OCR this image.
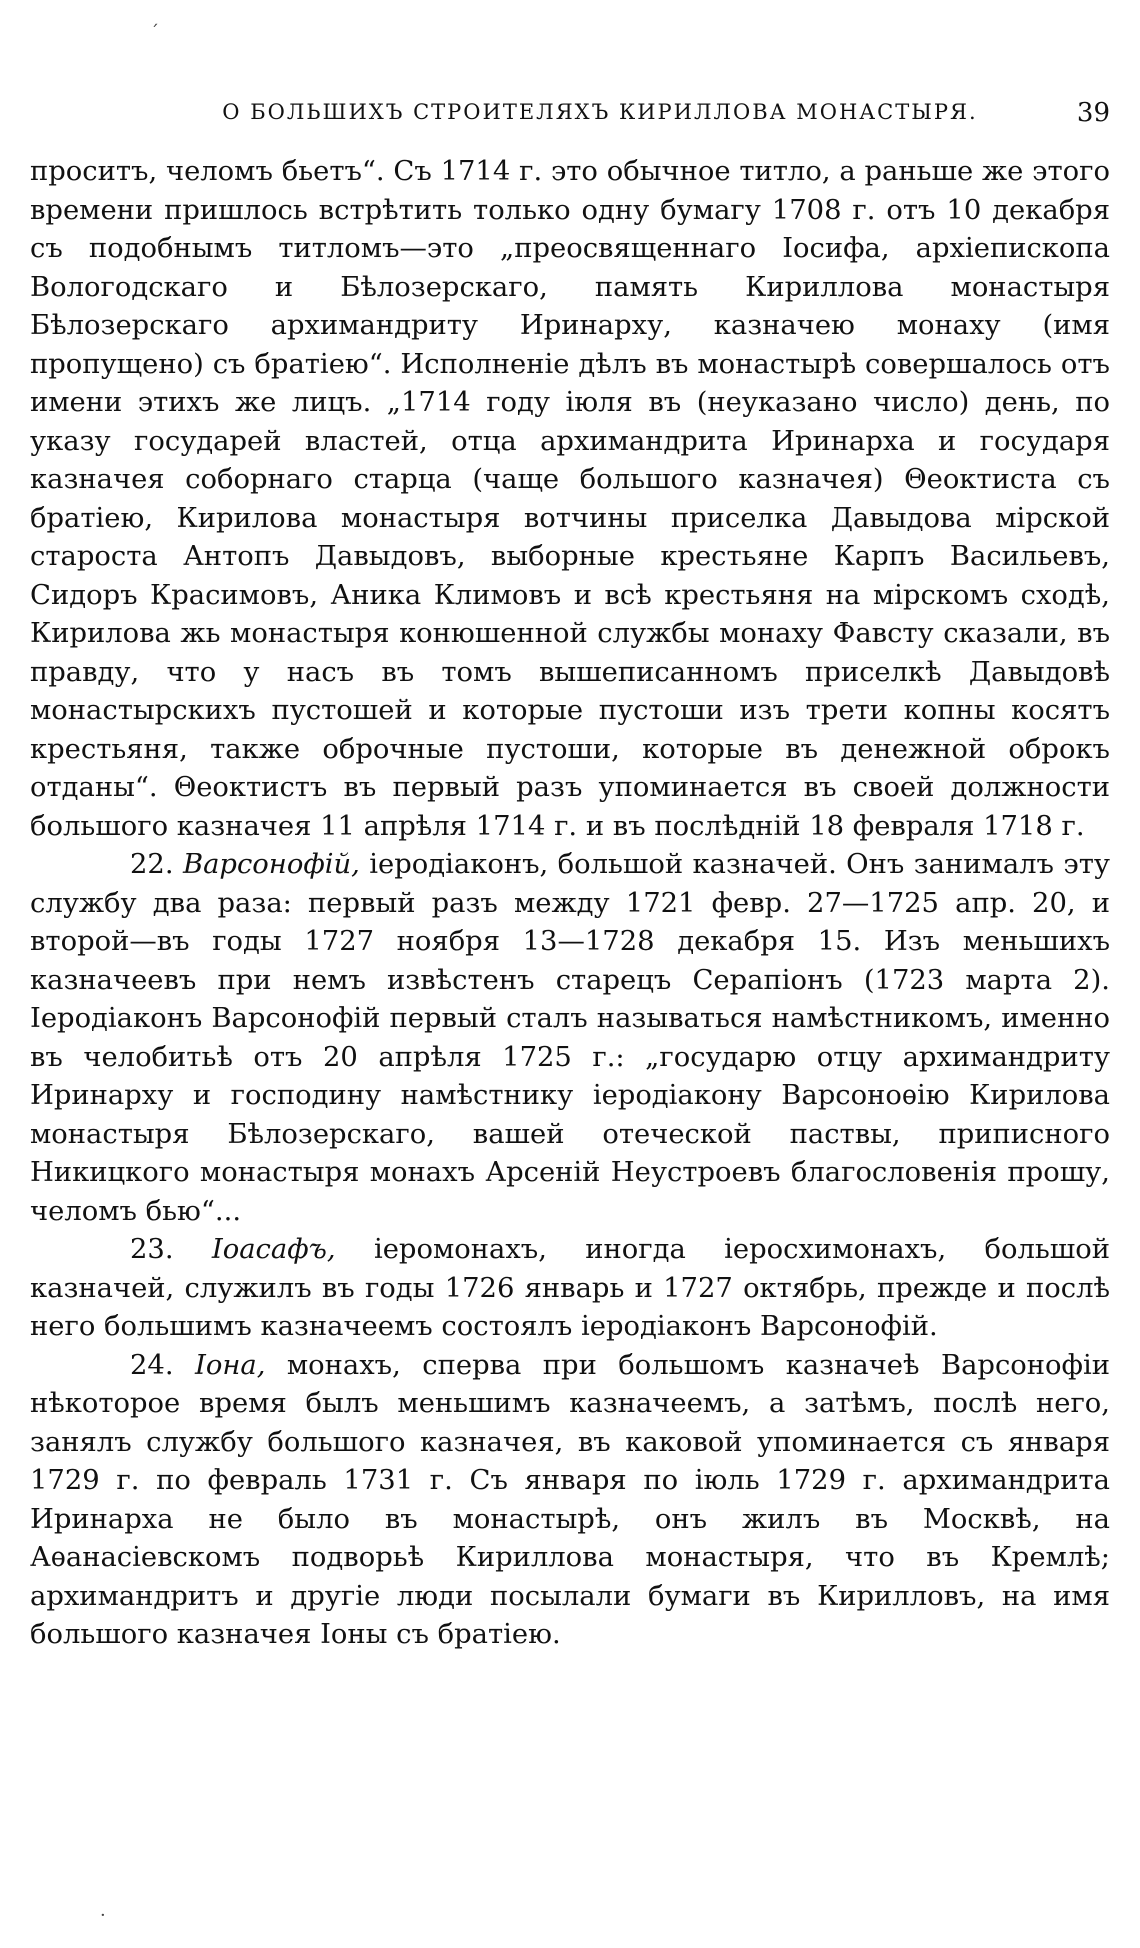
ˊ
О БОЛЬШИХЪ СТРОИТЕЛЯХЪ КИРИЛЛОВА МОНАСТЫРЯ.	39

проситъ, челомъ бьетъ“. Съ 1714 г. это обычное титло, а раньше же этого времени пришлось встрѣтить только одну бумагу 1708 г. отъ 10 декабря съ подобнымъ титломъ—это „преосвященнаго Іосифа, архіепископа Вологодскаго и Бѣлозерскаго, память Кириллова монастыря Бѣлозерскаго архимандриту Иринарху, казначею монаху (имя пропущено) съ братіею“. Исполненіе дѣлъ въ монастырѣ совершалось отъ имени этихъ же лицъ. „1714 году іюля въ (неуказано число) день, по указу государей властей, отца архимандрита Иринарха и государя казначея соборнаго старца (чаще большого казначея) Θеоктиста съ братіею, Кирилова монастыря вотчины приселка Давыдова мірской староста Антопъ Давыдовъ, выборные крестьяне Карпъ Васильевъ, Сидоръ Красимовъ, Аника Климовъ и всѣ крестьяня на мірскомъ сходѣ, Кирилова жь монастыря конюшенной службы монаху Фавсту сказали, въ правду, что у насъ въ томъ вышеписанномъ приселкѣ Давыдовѣ монастырскихъ пустошей и которые пустоши изъ трети копны косятъ крестьяня, также оброчные пустоши, которые въ денежной оброкъ отданы“. Θеоктистъ въ первый разъ упоминается въ своей должности большого казначея 11 апрѣля 1714 г. и въ послѣдній 18 февраля 1718 г.

22. Варсонофій, іеродіаконъ, большой казначей. Онъ занималъ эту службу два раза: первый разъ между 1721 февр. 27—1725 апр. 20, и второй—въ годы 1727 ноября 13—1728 декабря 15. Изъ меньшихъ казначеевъ при немъ извѣстенъ старецъ Серапіонъ (1723 марта 2). Іеродіаконъ Варсонофій первый сталъ называться намѣстникомъ, именно въ челобитьѣ отъ 20 апрѣля 1725 г.: „государю отцу архимандриту Иринарху и господину намѣстнику іеродіакону Варсоноѳію Кирилова монастыря Бѣлозерскаго, вашей отеческой паствы, приписного Никицкого монастыря монахъ Арсеній Неустроевъ благословенія прошу, челомъ бью“...

23. Іоасафъ, іеромонахъ, иногда іеросхимонахъ, большой казначей, служилъ въ годы 1726 январь и 1727 октябрь, прежде и послѣ него большимъ казначеемъ состоялъ іеродіаконъ Варсонофій.

24. Іона, монахъ, сперва при большомъ казначеѣ Варсонофіи нѣкоторое время былъ меньшимъ казначеемъ, а затѣмъ, послѣ него, занялъ службу большого казначея, въ каковой упоминается съ января 1729 г. по февраль 1731 г. Съ января по іюль 1729 г. архимандрита Иринарха не было въ монастырѣ, онъ жилъ въ Москвѣ, на Аѳанасіевскомъ подворьѣ Кириллова монастыря, что въ Кремлѣ; архимандритъ и другіе люди посылали бумаги въ Кирилловъ, на имя большого казначея Іоны съ братіею.

·
